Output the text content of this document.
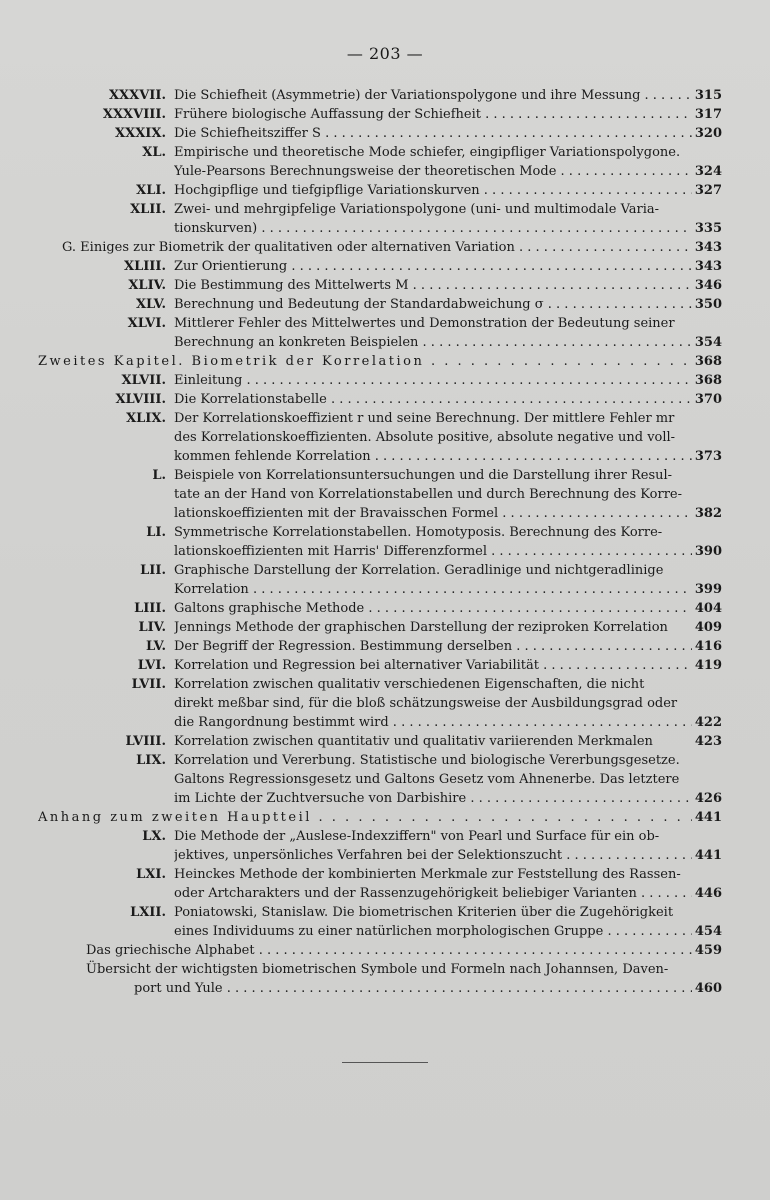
— 203 —
XXXVII. Die Schiefheit (Asymmetrie) der Variationspolygone und ihre Messung . . .	315
XXXVIII. Frühere biologische Auffassung der Schiefheit . . .	317
XXXIX. Die Schiefheitsziffer S . . .	320
XL. Empirische und theoretische Mode schiefer, eingipfliger Variationspolygone.
Yule-Pearsons Berechnungsweise der theoretischen Mode . . .	324
XLI. Hochgipflige und tiefgipflige Variationskurven . . .	327
XLII. Zwei- und mehrgipfelige Variationspolygone (uni- und multimodale Varia-
tionskurven) . . .	335
G. Einiges zur Biometrik der qualitativen oder alternativen Variation . . .	343
XLIII. Zur Orientierung . . .	343
XLIV. Die Bestimmung des Mittelwerts M . . .	346
XLV. Berechnung und Bedeutung der Standardabweichung σ . . .	350
XLVI. Mittlerer Fehler des Mittelwertes und Demonstration der Bedeutung seiner
Berechnung an konkreten Beispielen . . .	354
Zweites Kapitel. Biometrik der Korrelation . . .	368
XLVII. Einleitung . . .	368
XLVIII. Die Korrelationstabelle . . .	370
XLIX. Der Korrelationskoeffizient r und seine Berechnung. Der mittlere Fehler mr
des Korrelationskoeffizienten. Absolute positive, absolute negative und voll-
kommen fehlende Korrelation . . .	373
L. Beispiele von Korrelationsuntersuchungen und die Darstellung ihrer Resul-
tate an der Hand von Korrelationstabellen und durch Berechnung des Korre-
lationskoeffizienten mit der Bravaisschen Formel . . .	382
LI. Symmetrische Korrelationstabellen. Homotyposis. Berechnung des Korre-
lationskoeffizienten mit Harris' Differenzformel . . .	390
LII. Graphische Darstellung der Korrelation. Geradlinige und nichtgeradlinige
Korrelation . . .	399
LIII. Galtons graphische Methode . . .	404
LIV. Jennings Methode der graphischen Darstellung der reziproken Korrelation	409
LV. Der Begriff der Regression. Bestimmung derselben . . .	416
LVI. Korrelation und Regression bei alternativer Variabilität . . .	419
LVII. Korrelation zwischen qualitativ verschiedenen Eigenschaften, die nicht
direkt meßbar sind, für die bloß schätzungsweise der Ausbildungsgrad oder
die Rangordnung bestimmt wird . . .	422
LVIII. Korrelation zwischen quantitativ und qualitativ variierenden Merkmalen	423
LIX. Korrelation und Vererbung. Statistische und biologische Vererbungsgesetze.
Galtons Regressionsgesetz und Galtons Gesetz vom Ahnenerbe. Das letztere
im Lichte der Zuchtversuche von Darbishire . . .	426
Anhang zum zweiten Hauptteil . . .	441
LX. Die Methode der „Auslese-Indexziffern" von Pearl und Surface für ein ob-
jektives, unpersönliches Verfahren bei der Selektionszucht . . .	441
LXI. Heinckes Methode der kombinierten Merkmale zur Feststellung des Rassen-
oder Artcharakters und der Rassenzugehörigkeit beliebiger Varianten . . .	446
LXII. Poniatowski, Stanislaw. Die biometrischen Kriterien über die Zugehörigkeit
eines Individuums zu einer natürlichen morphologischen Gruppe . . .	454
Das griechische Alphabet . . .	459
Übersicht der wichtigsten biometrischen Symbole und Formeln nach Johannsen, Daven-
port und Yule . . .	460
